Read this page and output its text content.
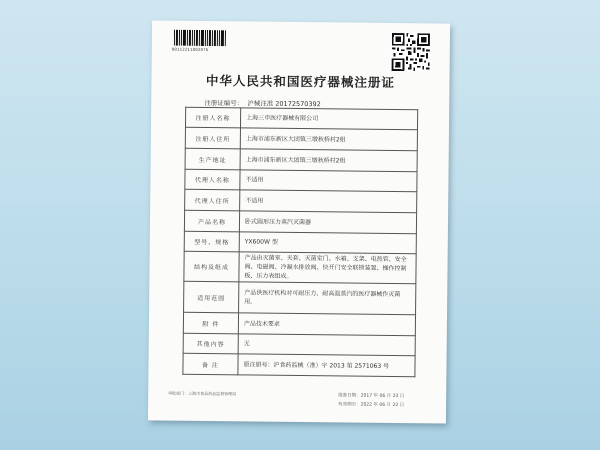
00112211802076
中华人民共和国医疗器械注册证
注册证编号： 沪械注准 20172570392
注册人名称	上海三申医疗器械有限公司
注册人住所	上海市浦东新区大团镇三墩秋桥村2组
生产地址	上海市浦东新区大团镇三墩秋桥村2组
代理人名称	不适用
代理人住所	不适用
产品名称	卧式圆形压力蒸汽灭菌器
型号、规格	YX600W 型
结构及组成	产品由灭菌室、夹套、灭菌室门、水箱、支架、电热管、安全阀、电磁阀、冷凝水排放阀、快开门安全联锁装置、操作控制板、压力表组成。
适用范围	产品供医疗机构对可耐压力、耐高温蒸汽的医疗器械作灭菌用。
附 件	产品技术要求
其他内容	无
备 注	原注册号：沪食药监械（准）字 2013 第 2571063 号
审批部门：上海市食品药品监督管理局	批准日期：2017 年 06 月 23 日
有效期至：2022 年 06 月 22 日
